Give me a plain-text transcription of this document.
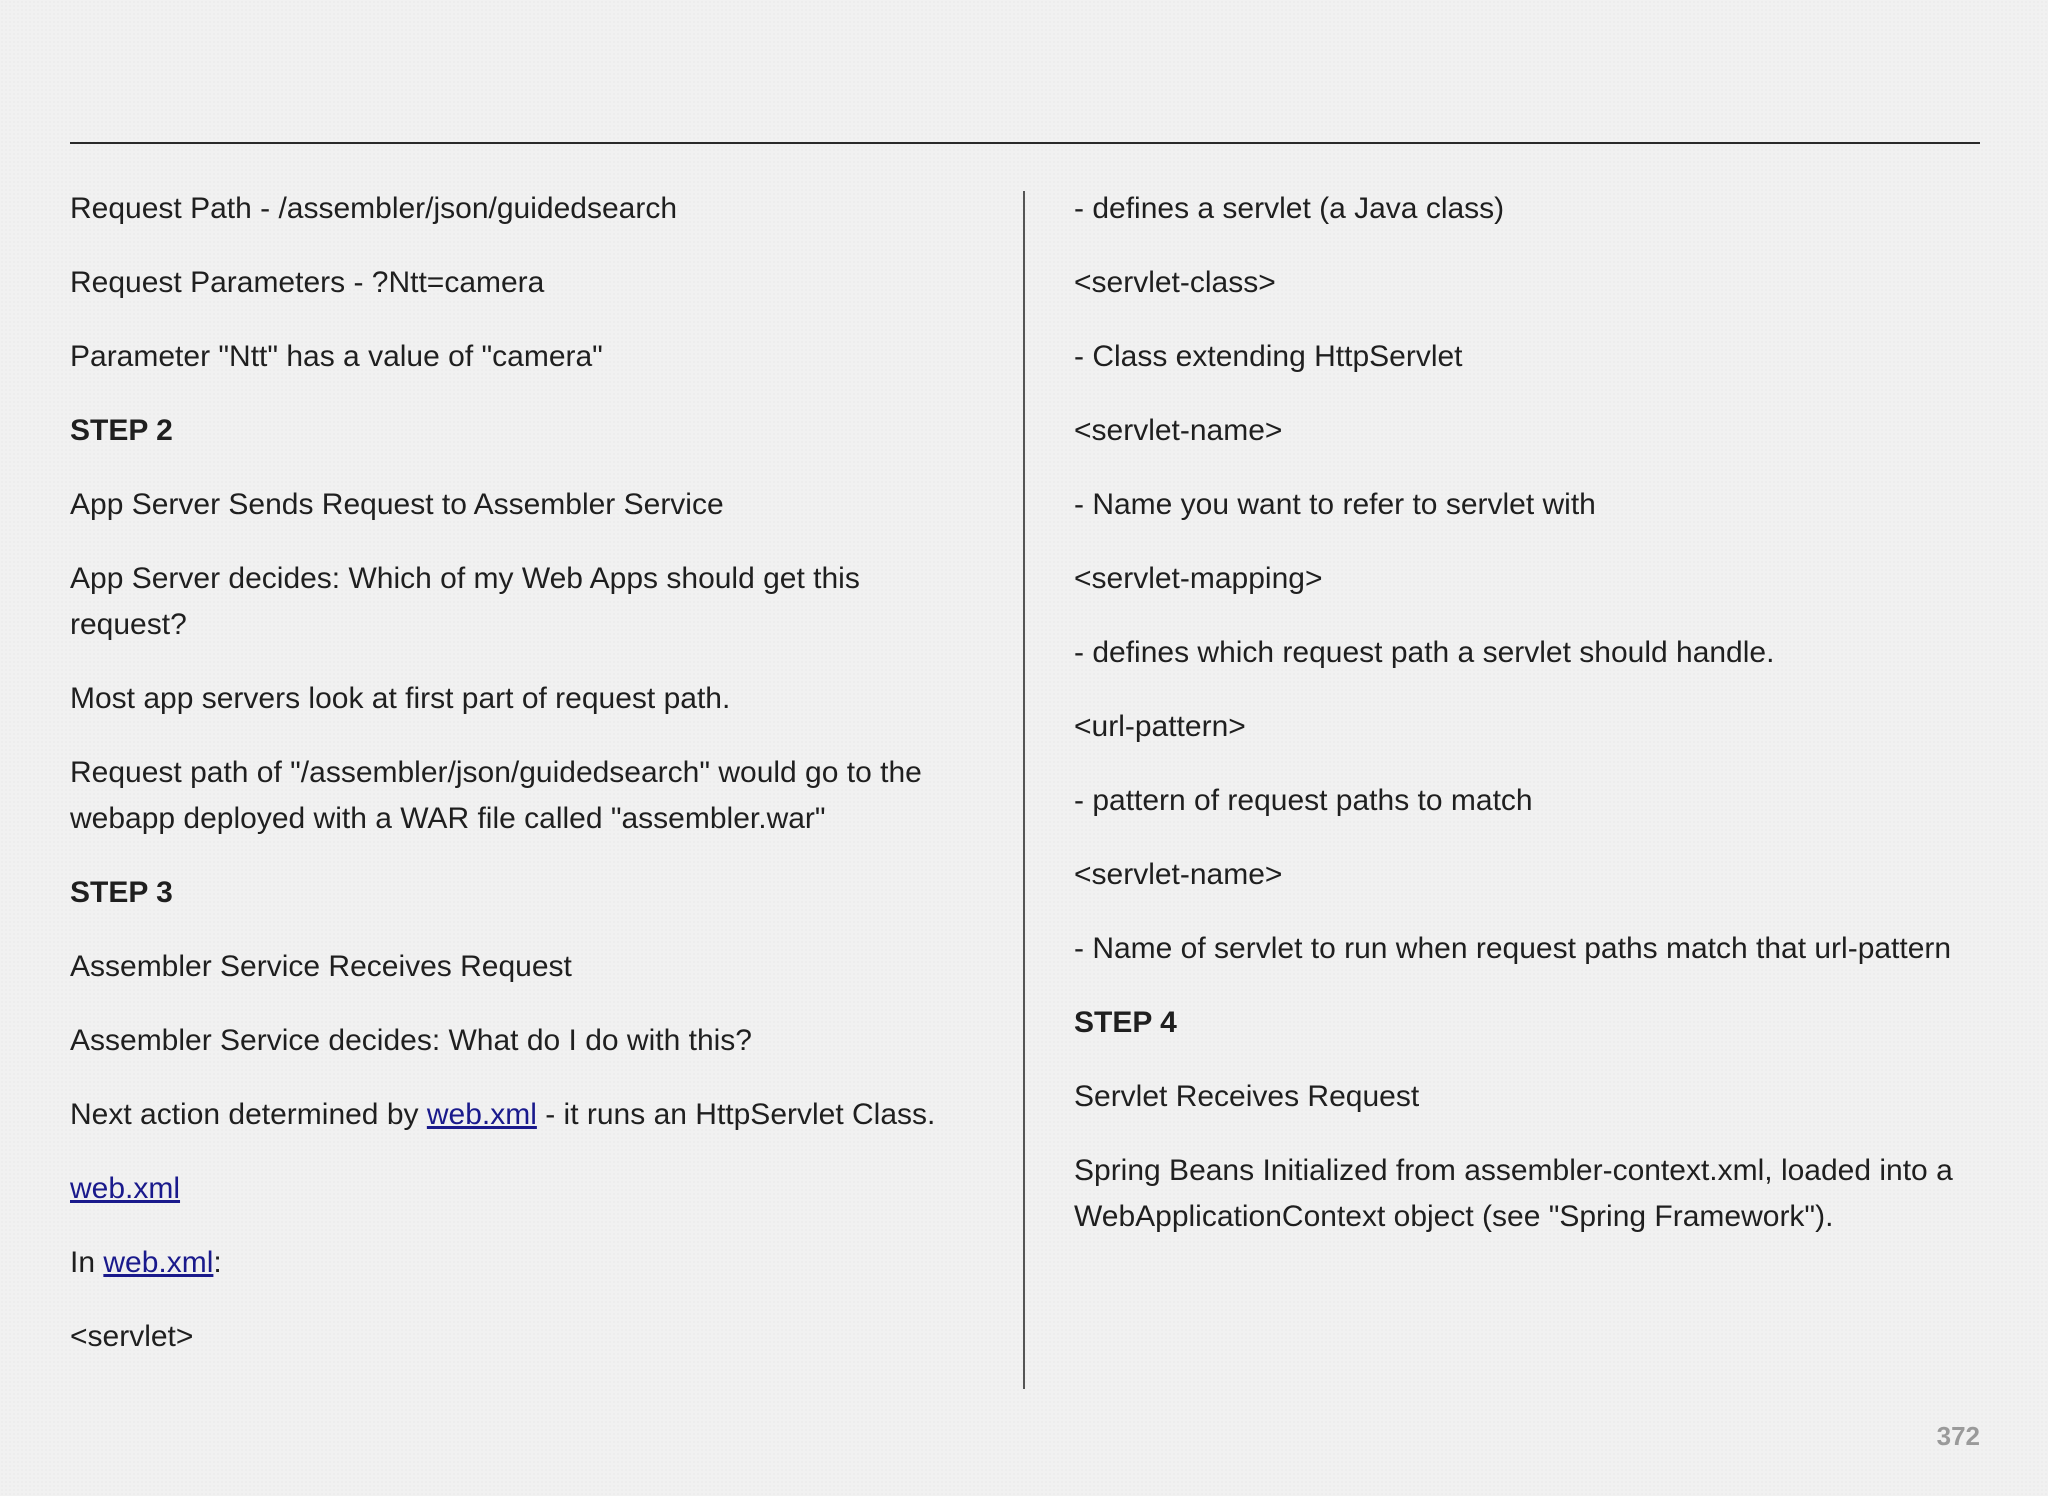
Request Path - /assembler/json/guidedsearch

Request Parameters - ?Ntt=camera

Parameter "Ntt" has a value of "camera"

STEP 2

App Server Sends Request to Assembler Service

App Server decides: Which of my Web Apps should get this request?

Most app servers look at first part of request path.

Request path of "/assembler/json/guidedsearch" would go to the webapp deployed with a WAR file called "assembler.war"

STEP 3

Assembler Service Receives Request

Assembler Service decides: What do I do with this?

Next action determined by web.xml - it runs an HttpServlet Class.

web.xml

In web.xml:

<servlet>

- defines a servlet (a Java class)

<servlet-class>

- Class extending HttpServlet

<servlet-name>

- Name you want to refer to servlet with

<servlet-mapping>

- defines which request path a servlet should handle.

<url-pattern>

- pattern of request paths to match

<servlet-name>

- Name of servlet to run when request paths match that url-pattern

STEP 4

Servlet Receives Request

Spring Beans Initialized from assembler-context.xml, loaded into a WebApplicationContext object (see "Spring Framework").

372
